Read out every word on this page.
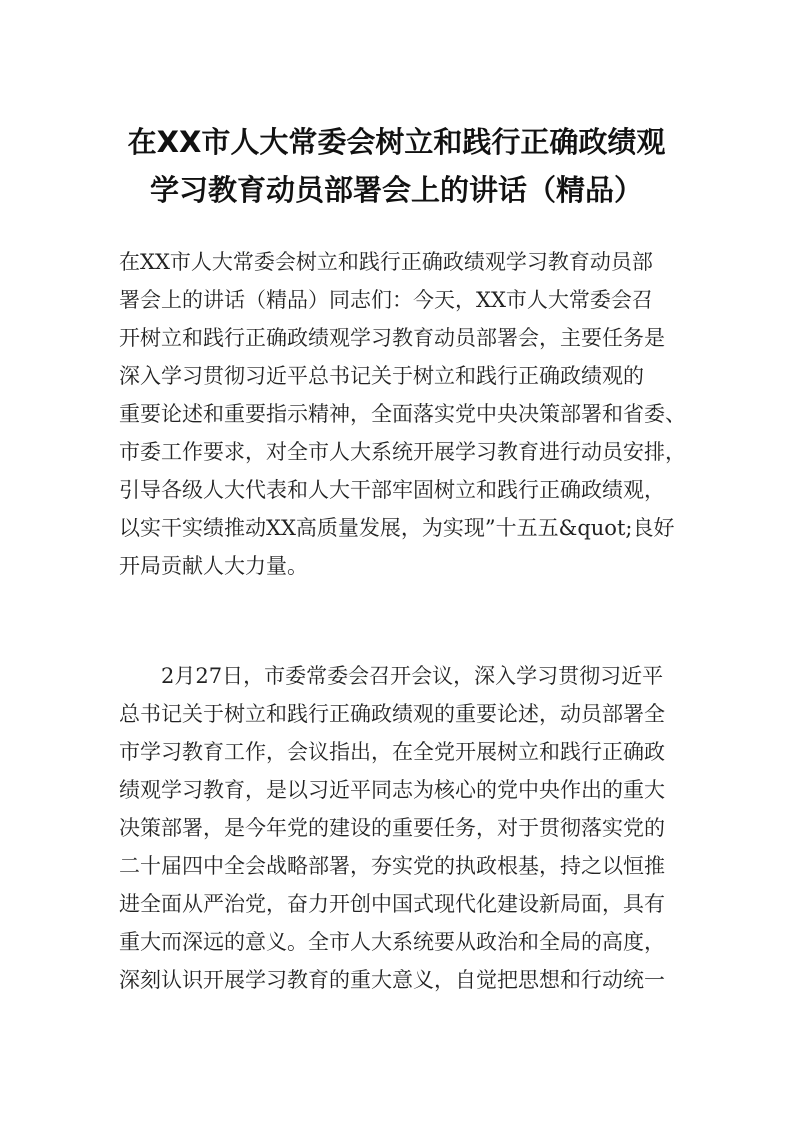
在XX市人大常委会树立和践行正确政绩观
学习教育动员部署会上的讲话（精品）
在XX市人大常委会树立和践行正确政绩观学习教育动员部
署会上的讲话（精品）同志们：今天，XX市人大常委会召
开树立和践行正确政绩观学习教育动员部署会，主要任务是
深入学习贯彻习近平总书记关于树立和践行正确政绩观的
重要论述和重要指示精神，全面落实党中央决策部署和省委、
市委工作要求，对全市人大系统开展学习教育进行动员安排，
引导各级人大代表和人大干部牢固树立和践行正确政绩观，
以实干实绩推动XX高质量发展，为实现”十五五&quot;良好
开局贡献人大力量。
2月27日，市委常委会召开会议，深入学习贯彻习近平
总书记关于树立和践行正确政绩观的重要论述，动员部署全
市学习教育工作，会议指出，在全党开展树立和践行正确政
绩观学习教育，是以习近平同志为核心的党中央作出的重大
决策部署，是今年党的建设的重要任务，对于贯彻落实党的
二十届四中全会战略部署，夯实党的执政根基，持之以恒推
进全面从严治党，奋力开创中国式现代化建设新局面，具有
重大而深远的意义。全市人大系统要从政治和全局的高度，
深刻认识开展学习教育的重大意义，自觉把思想和行动统一
